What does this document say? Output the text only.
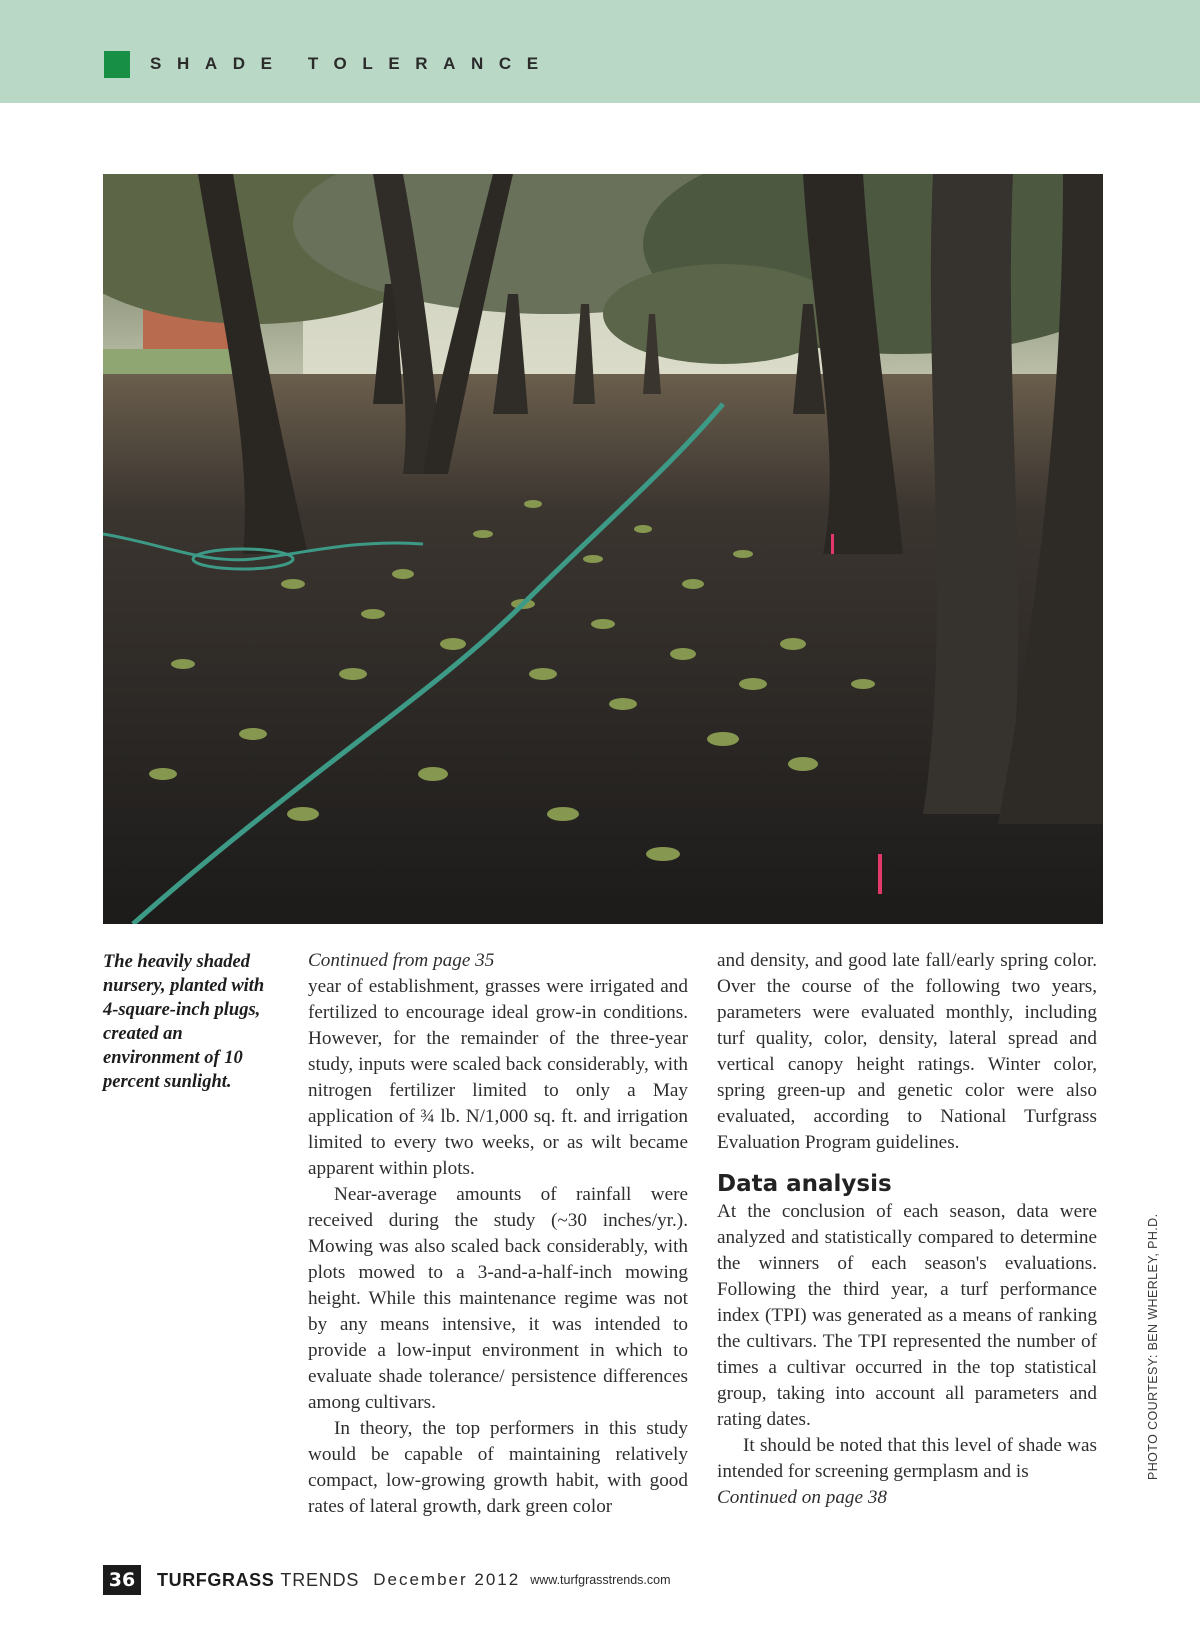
SHADE TOLERANCE
The heavily shaded nursery, planted with 4-square-inch plugs, created an environment of 10 percent sunlight.

Continued from page 35

year of establishment, grasses were irrigated and fertilized to encourage ideal grow-in conditions. However, for the remainder of the three-year study, inputs were scaled back considerably, with nitrogen fertilizer limited to only a May application of ¾ lb. N/1,000 sq. ft. and irrigation limited to every two weeks, or as wilt became apparent within plots.

Near-average amounts of rainfall were received during the study (~30 inches/yr.). Mowing was also scaled back considerably, with plots mowed to a 3-and-a-half-inch mowing height. While this maintenance regime was not by any means intensive, it was intended to provide a low-input environment in which to evaluate shade tolerance/ persistence differences among cultivars.

In theory, the top performers in this study would be capable of maintaining relatively compact, low-growing growth habit, with good rates of lateral growth, dark green color

and density, and good late fall/early spring color. Over the course of the following two years, parameters were evaluated monthly, including turf quality, color, density, lateral spread and vertical canopy height ratings. Winter color, spring green-up and genetic color were also evaluated, according to National Turfgrass Evaluation Program guidelines.

Data analysis

At the conclusion of each season, data were analyzed and statistically compared to determine the winners of each season's evaluations. Following the third year, a turf performance index (TPI) was generated as a means of ranking the cultivars. The TPI represented the number of times a cultivar occurred in the top statistical group, taking into account all parameters and rating dates.

It should be noted that this level of shade was intended for screening germplasm and is

Continued on page 38

PHOTO COURTESY: BEN WHERLEY, PH.D.
36	TURFGRASS TRENDS December 2012 www.turfgrasstrends.com
